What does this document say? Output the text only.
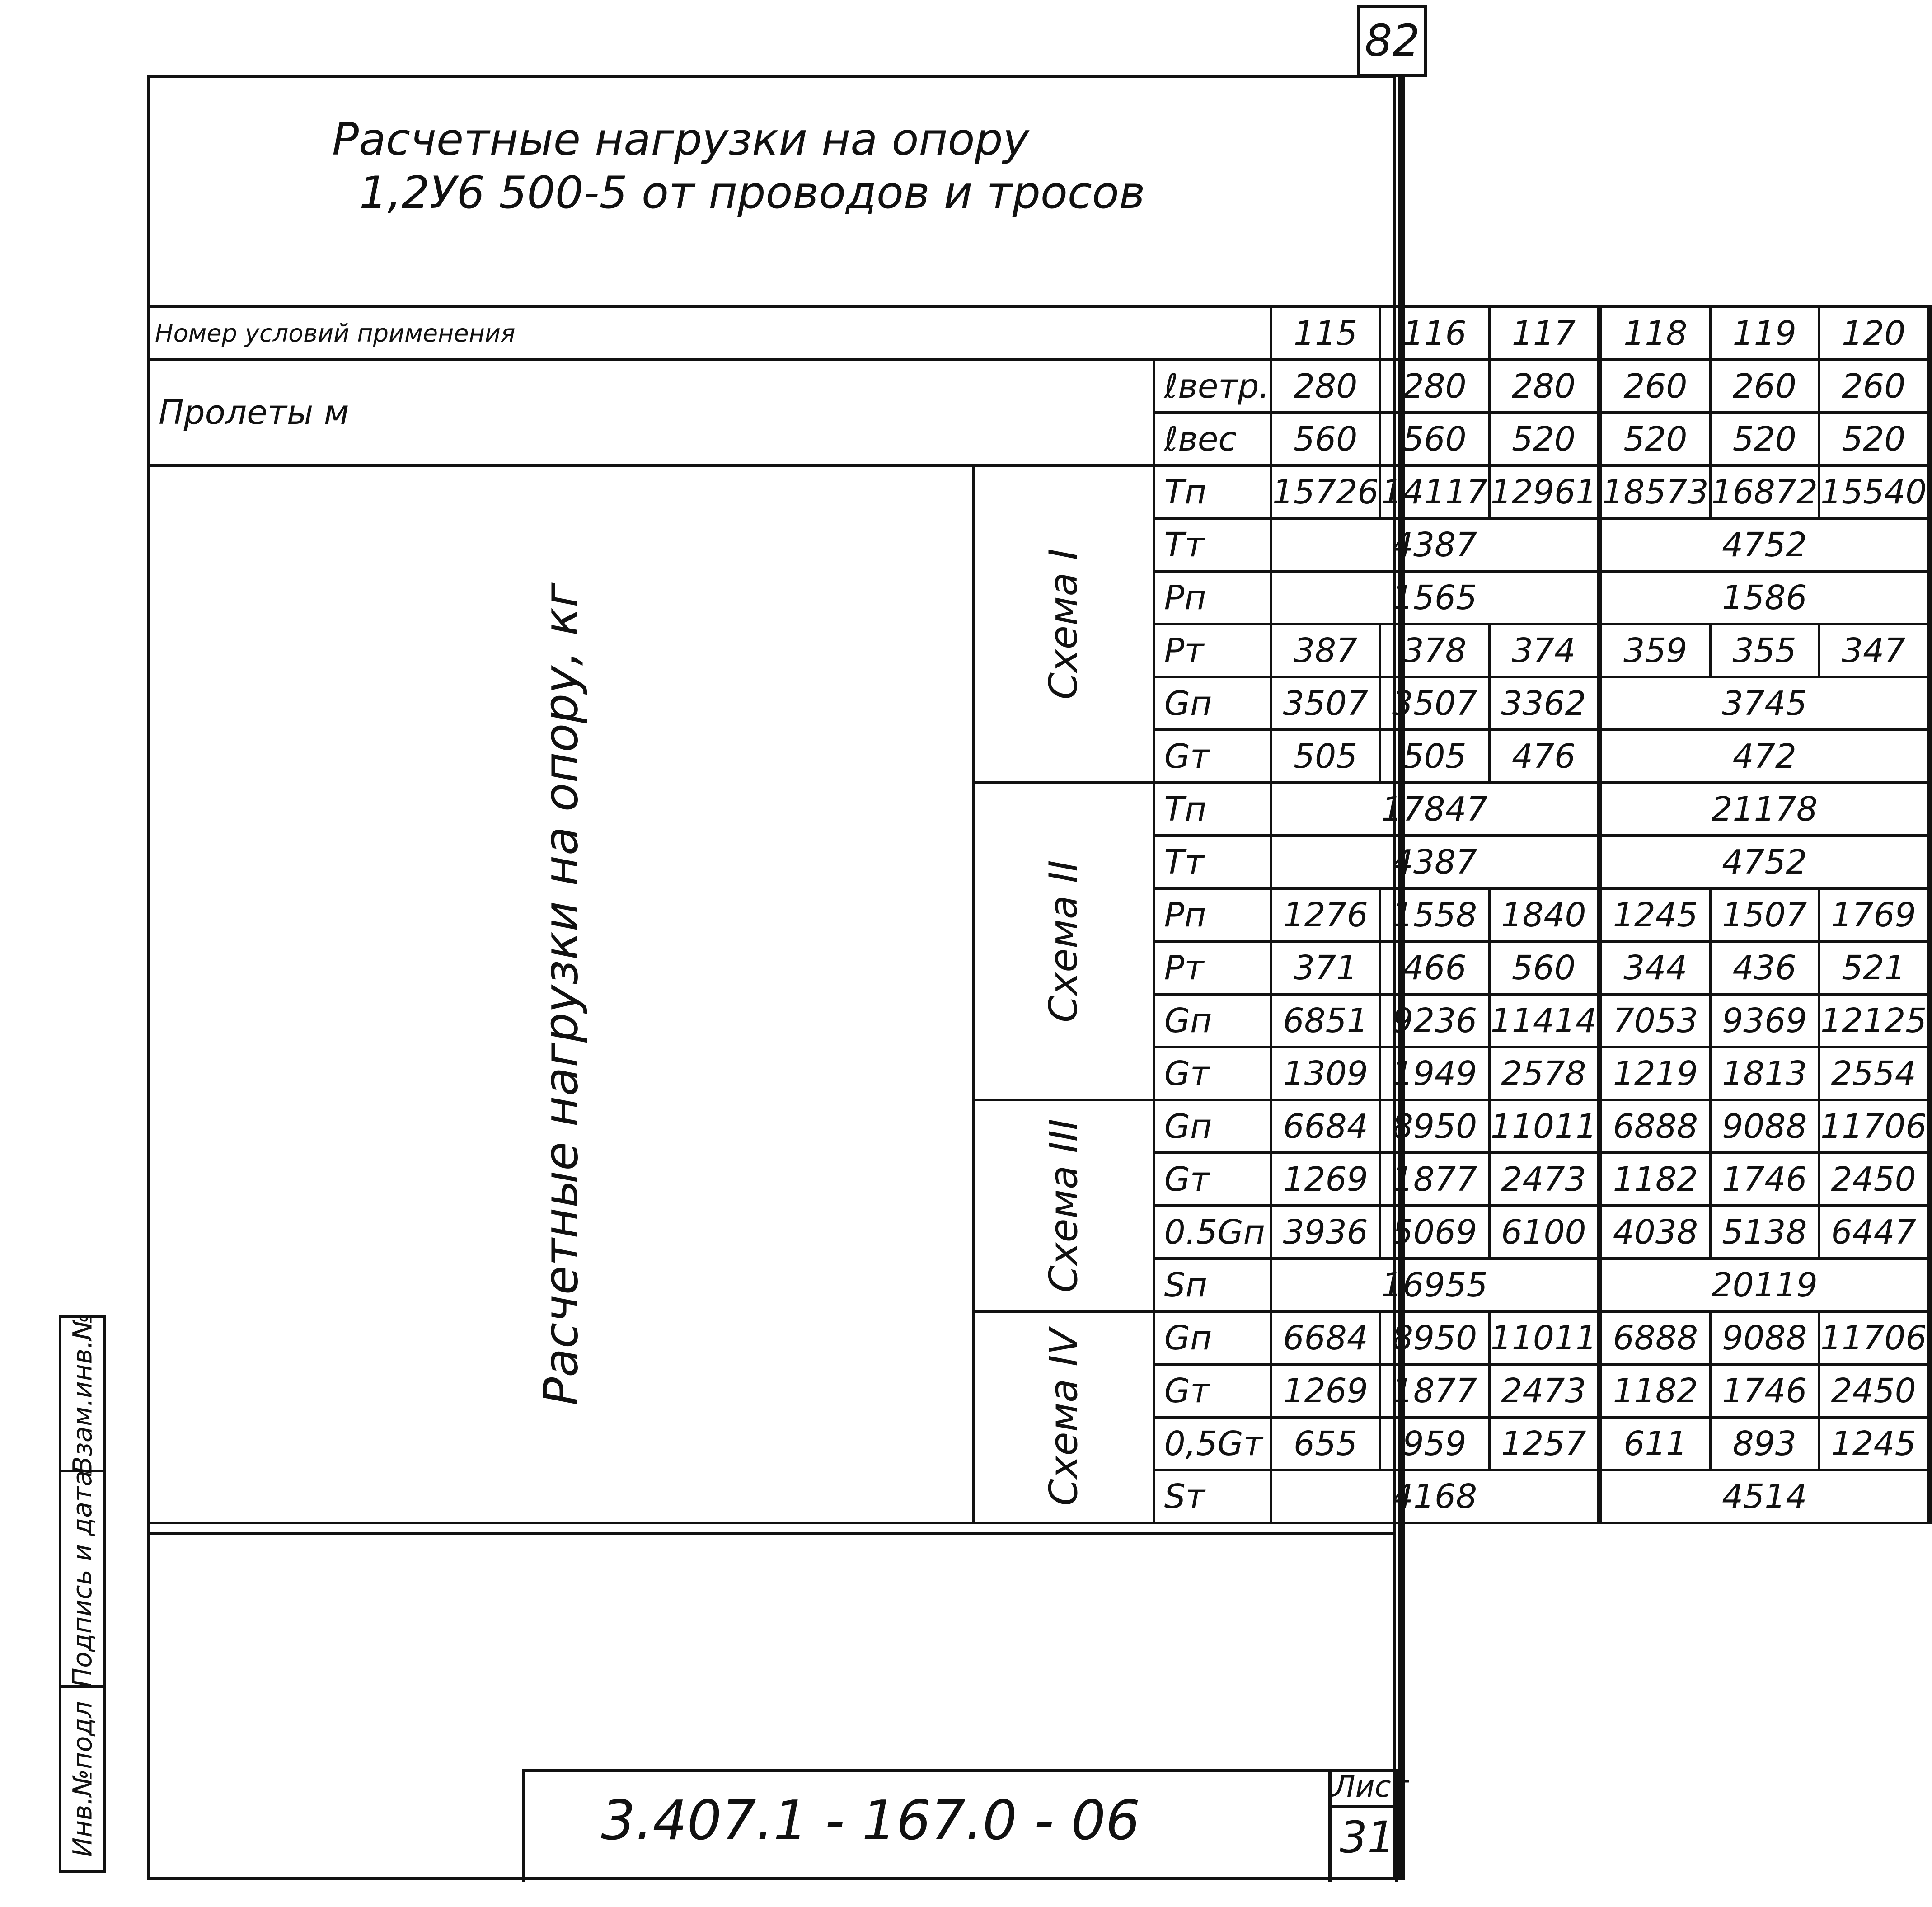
82
Расчетные нагрузки на опору
1,2У6 500-5 от проводов и тросов
Номер условий применения			115	116	117		118	119	120	
Пролеты м		ℓветр.	280	280	280		260	260	260	
		ℓвес	560	560	520		520	520	520	
Расчетные нагрузки на опору, кг	Схема I	Тп	15726	14117	12961		18573	16872	15540	
		Тт	4387				4752			
		Рп	1565				1586			
		Рт	387	378	374		359	355	347	
		Gп	3507	3507	3362		3745			
		Gт	505	505	476		472			
	Схема II	Тп	17847				21178			
		Тт	4387				4752			
		Рп	1276	1558	1840		1245	1507	1769	
		Рт	371	466	560		344	436	521	
		Gп	6851	9236	11414		7053	9369	12125	
		Gт	1309	1949	2578		1219	1813	2554	
	Схема III	Gп	6684	8950	11011		6888	9088	11706	
		Gт	1269	1877	2473		1182	1746	2450	
		0.5Gп	3936	5069	6100		4038	5138	6447	
		Sп	16955				20119			
	Схема IV	Gп	6684	8950	11011		6888	9088	11706	
		Gт	1269	1877	2473		1182	1746	2450	
		0,5Gт	655	959	1257		611	893	1245	
		Sт	4168				4514			
Взам.инв.№
Подпись и дата
Инв.№подл	3.407.1 - 167.0 - 06
Лист
31
